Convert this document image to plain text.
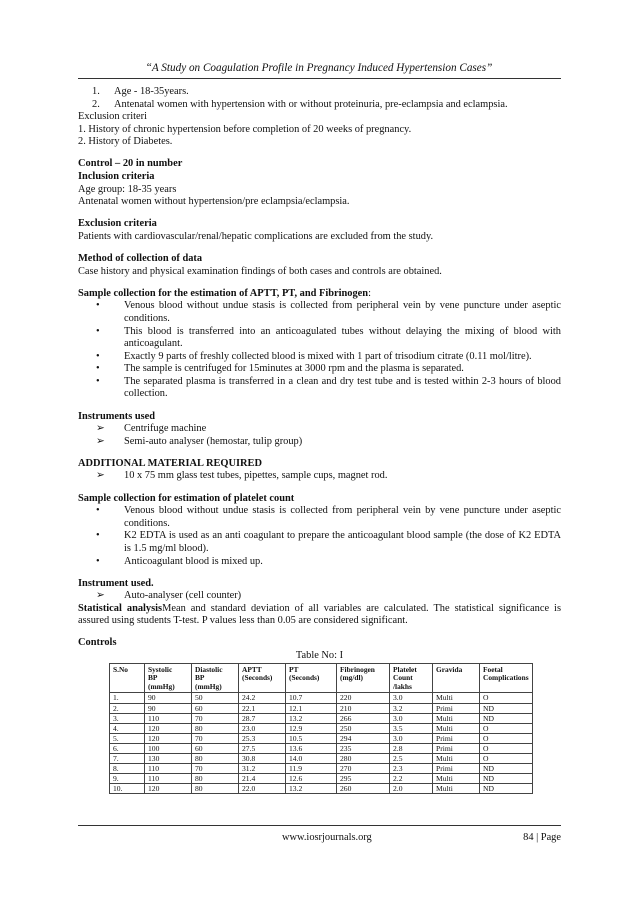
“A Study on Coagulation Profile in Pregnancy Induced Hypertension Cases”
1.	Age - 18-35years.
2.	Antenatal women with hypertension with or without proteinuria, pre-eclampsia and eclampsia.
Exclusion criteri
1. History of chronic hypertension before completion of 20 weeks of pregnancy.
2. History of Diabetes.
Control – 20 in number
Inclusion criteria
Age group: 18-35 years
Antenatal women without hypertension/pre eclampsia/eclampsia.
Exclusion criteria
Patients with cardiovascular/renal/hepatic complications are excluded from the study.
Method of collection of data
Case history and physical examination findings of both cases and controls are obtained.
Sample collection for the estimation of APTT, PT, and Fibrinogen:
•	Venous blood without undue stasis is collected from peripheral vein by vene puncture under aseptic conditions.
•	This blood is transferred into an anticoagulated tubes without delaying the mixing of blood with anticoagulant.
•	Exactly 9 parts of freshly collected blood is mixed with 1 part of trisodium citrate (0.11 mol/litre).
•	The sample is centrifuged for 15minutes at 3000 rpm and the plasma is separated.
•	The separated plasma is transferred in a clean and dry test tube and is tested within 2-3 hours of blood collection.
Instruments used
➢	Centrifuge machine
➢	Semi-auto analyser (hemostar, tulip group)
ADDITIONAL MATERIAL REQUIRED
➢	10 x 75 mm glass test tubes, pipettes, sample cups, magnet rod.
Sample collection for estimation of platelet count
•	Venous blood without undue stasis is collected from peripheral vein by vene puncture under aseptic conditions.
•	K2 EDTA is used as an anti coagulant to prepare the anticoagulant blood sample (the dose of K2 EDTA is 1.5 mg/ml blood).
•	Anticoagulant blood is mixed up.
Instrument used.
➢	Auto-analyser (cell counter)
Statistical analysisMean and standard deviation of all variables are calculated. The statistical significance is assured using students T-test. P values less than 0.05 are considered significant.
Controls
Table No: I
S.No	Systolic
BP
(mmHg)	Diastolic
BP
(mmHg)	APTT
(Seconds)	PT
(Seconds)	Fibrinogen
(mg/dl)	Platelet
Count
/lakhs	Gravida	Foetal
Complications
1.	90	50	24.2	10.7	220	3.0	Multi	O
2.	90	60	22.1	12.1	210	3.2	Primi	ND
3.	110	70	28.7	13.2	266	3.0	Multi	ND
4.	120	80	23.0	12.9	250	3.5	Multi	O
5.	120	70	25.3	10.5	294	3.0	Primi	O
6.	100	60	27.5	13.6	235	2.8	Primi	O
7.	130	80	30.8	14.0	280	2.5	Multi	O
8.	110	70	31.2	11.9	270	2.3	Primi	ND
9.	110	80	21.4	12.6	295	2.2	Multi	ND
10.	120	80	22.0	13.2	260	2.0	Multi	ND
www.iosrjournals.org	84 | Page
